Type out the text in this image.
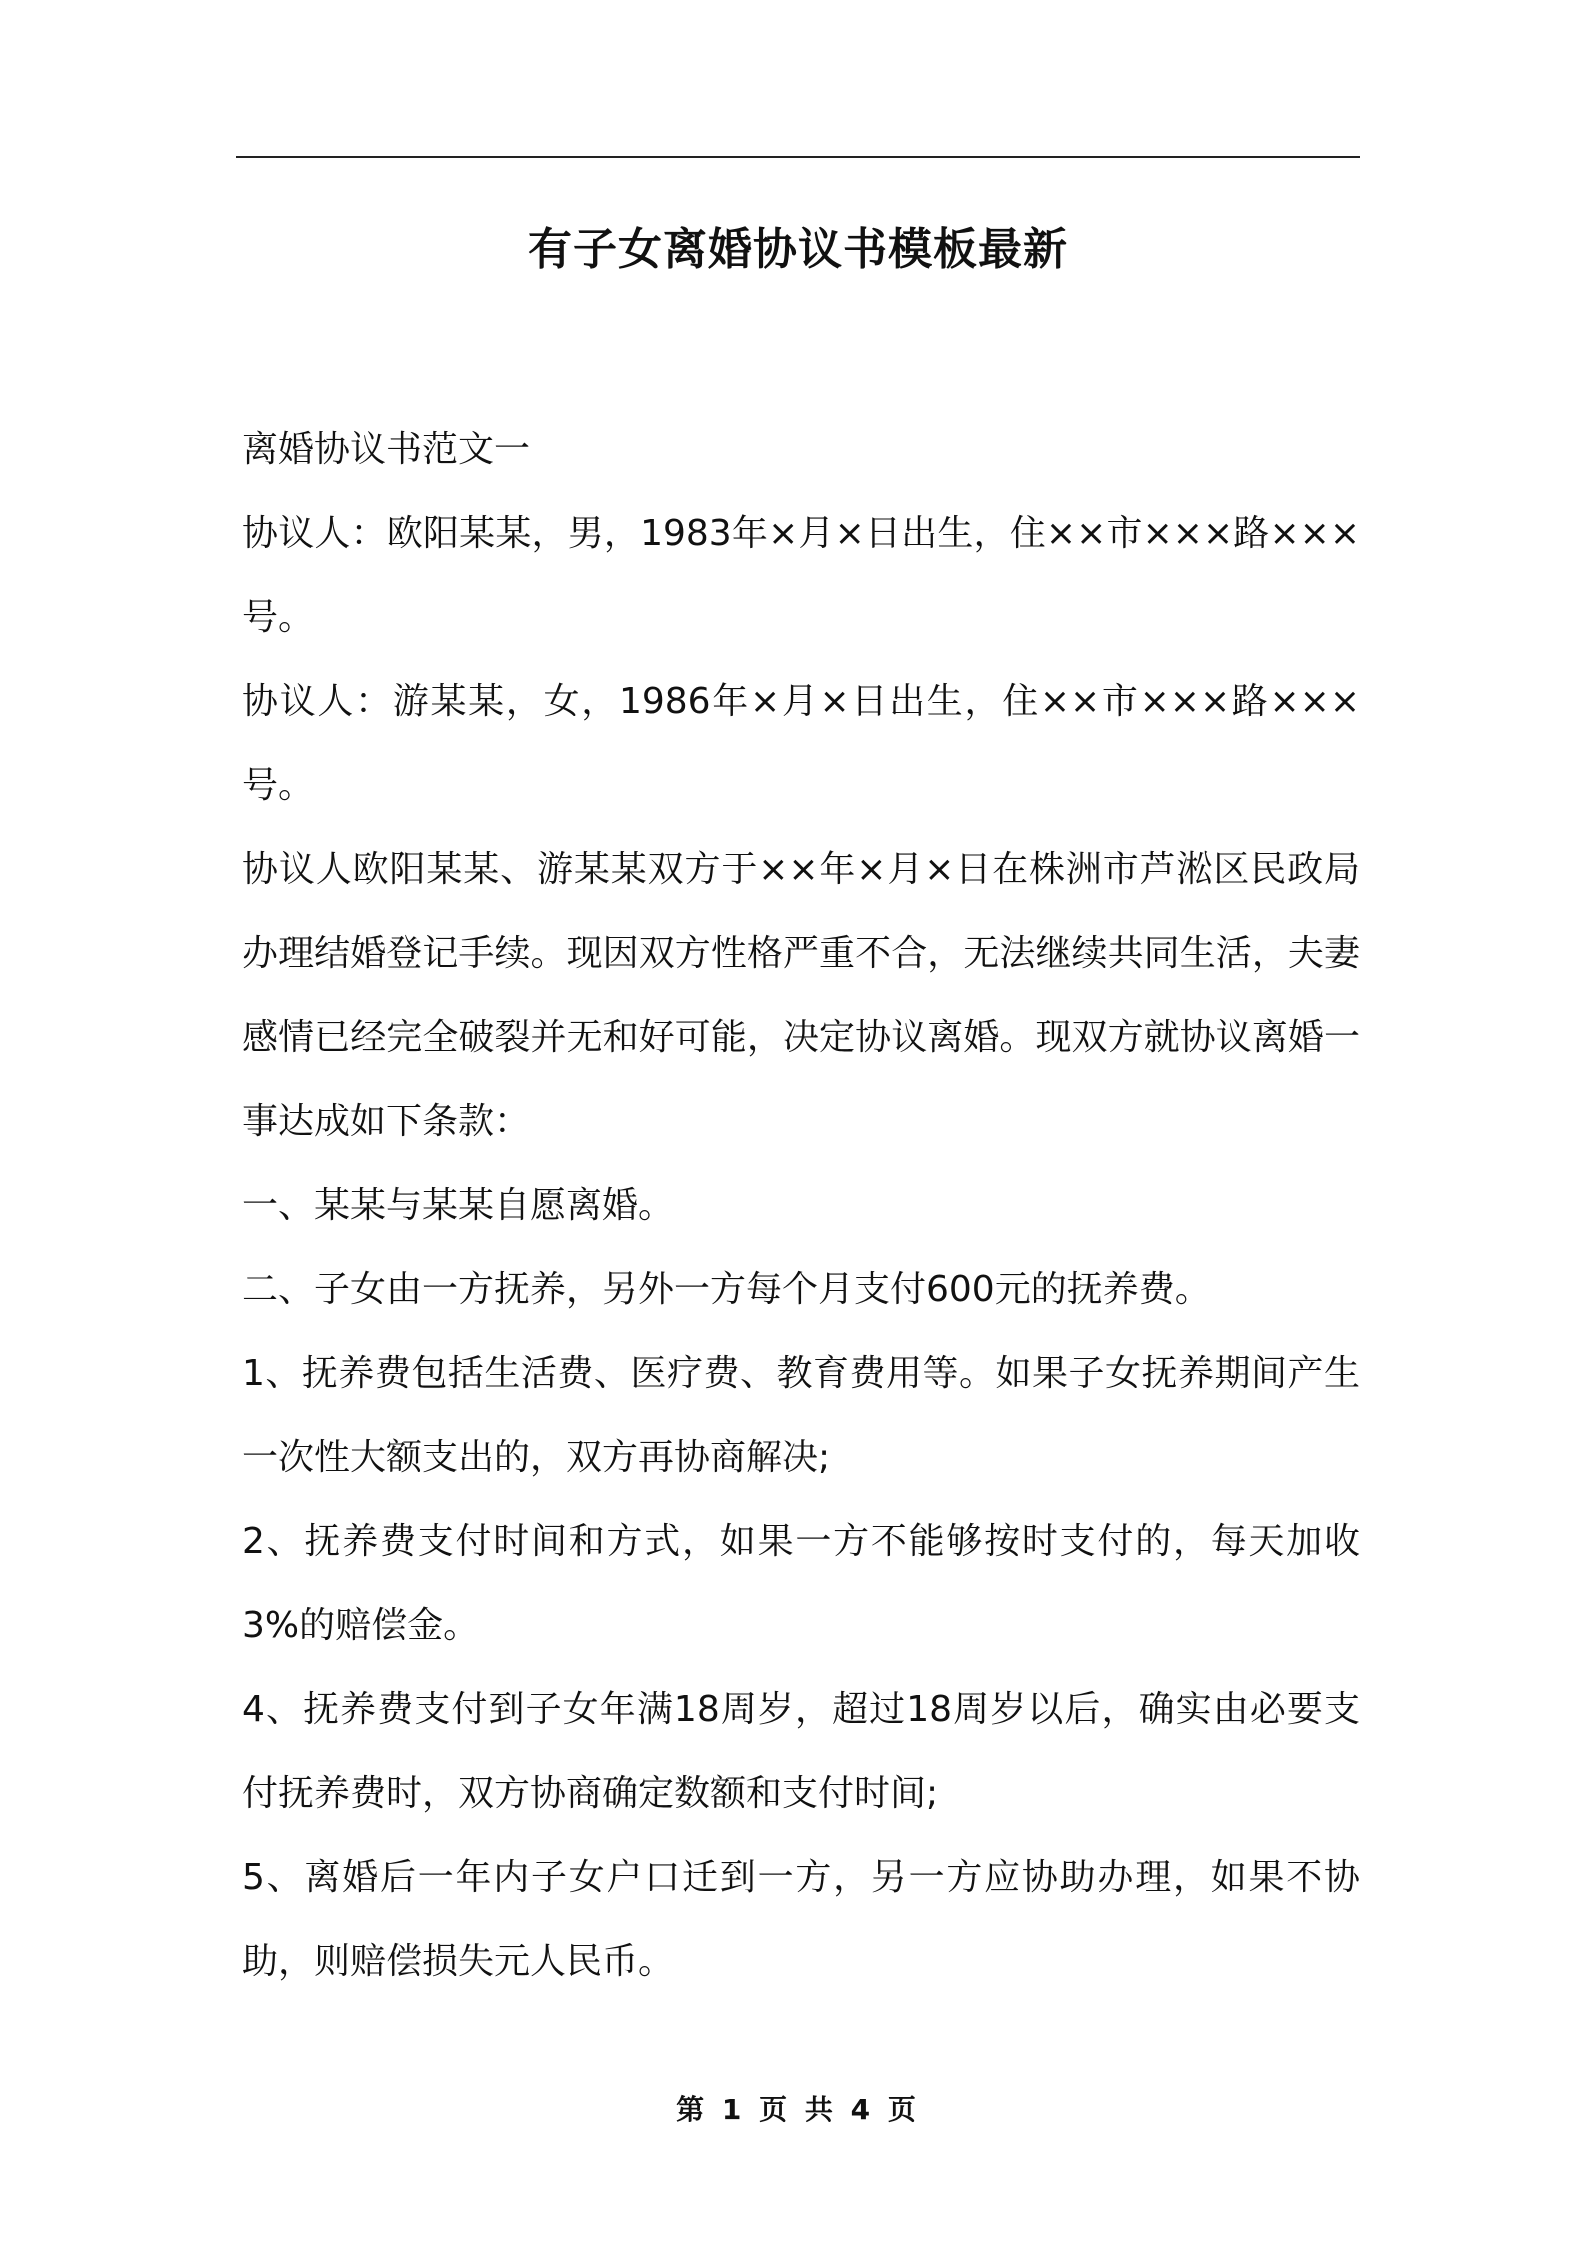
有子女离婚协议书模板最新

离婚协议书范文一

协议人：欧阳某某，男，1983年×月×日出生，住××市×××路×××号。

协议人：游某某，女，1986年×月×日出生，住××市×××路×××号。

协议人欧阳某某、游某某双方于××年×月×日在株洲市芦淞区民政局办理结婚登记手续。现因双方性格严重不合，无法继续共同生活，夫妻感情已经完全破裂并无和好可能，决定协议离婚。现双方就协议离婚一事达成如下条款：

一、某某与某某自愿离婚。

二、子女由一方抚养，另外一方每个月支付600元的抚养费。

1、抚养费包括生活费、医疗费、教育费用等。如果子女抚养期间产生一次性大额支出的，双方再协商解决;

2、抚养费支付时间和方式，如果一方不能够按时支付的，每天加收3%的赔偿金。

4、抚养费支付到子女年满18周岁，超过18周岁以后，确实由必要支付抚养费时，双方协商确定数额和支付时间;

5、离婚后一年内子女户口迁到一方，另一方应协助办理，如果不协助，则赔偿损失元人民币。

第 1 页 共 4 页
